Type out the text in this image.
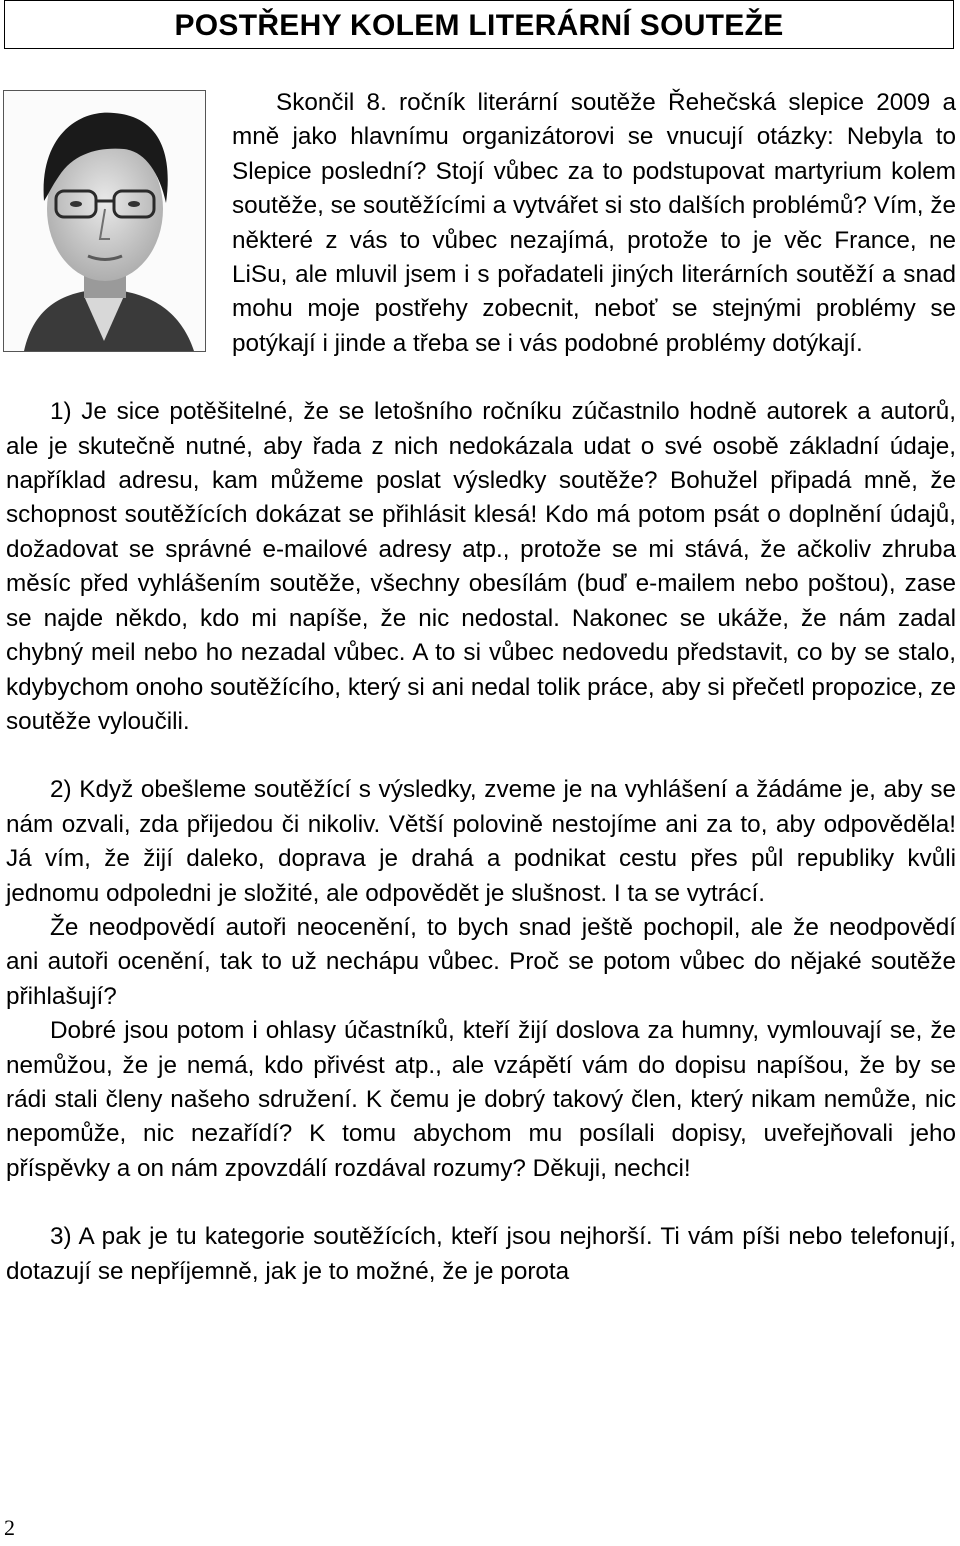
POSTŘEHY KOLEM LITERÁRNÍ SOUTEŽE

Skončil 8. ročník literární soutěže Řehečská slepice 2009 a mně jako hlavnímu organizátorovi se vnucují otázky: Nebyla to Slepice poslední? Stojí vůbec za to podstupovat martyrium kolem soutěže, se soutěžícími a vytvářet si sto dalších problémů? Vím, že některé z vás to vůbec nezajímá, protože to je věc France, ne LiSu, ale mluvil jsem i s pořadateli jiných literárních soutěží a snad mohu moje postřehy zobecnit, neboť se stejnými problémy se potýkají i jinde a třeba se i vás podobné problémy dotýkají.

1) Je sice potěšitelné, že se letošního ročníku zúčastnilo hodně autorek a autorů, ale je skutečně nutné, aby řada z nich nedokázala udat o své osobě základní údaje, například adresu, kam můžeme poslat výsledky soutěže? Bohužel připadá mně, že schopnost soutěžících dokázat se přihlásit klesá! Kdo má potom psát o doplnění údajů, dožadovat se správné e-mailové adresy atp., protože se mi stává, že ačkoliv zhruba měsíc před vyhlášením soutěže, všechny obesílám (buď e-mailem nebo poštou), zase se najde někdo, kdo mi napíše, že nic nedostal. Nakonec se ukáže, že nám zadal chybný meil nebo ho nezadal vůbec. A to si vůbec nedovedu představit, co by se stalo, kdybychom onoho soutěžícího, který si ani nedal tolik práce, aby si přečetl propozice, ze soutěže vyloučili.

2) Když obešleme soutěžící s výsledky, zveme je na vyhlášení a žádáme je, aby se nám ozvali, zda přijedou či nikoliv. Větší polovině nestojíme ani za to, aby odpověděla! Já vím, že žijí daleko, doprava je drahá a podnikat cestu přes půl republiky kvůli jednomu odpoledni je složité, ale odpovědět je slušnost. I ta se vytrácí.

Že neodpovědí autoři neocenění, to bych snad ještě pochopil, ale že neodpovědí ani autoři ocenění, tak to už nechápu vůbec. Proč se potom vůbec do nějaké soutěže přihlašují?

Dobré jsou potom i ohlasy účastníků, kteří žijí doslova za humny, vymlouvají se, že nemůžou, že je nemá, kdo přivést atp., ale vzápětí vám do dopisu napíšou, že by se rádi stali členy našeho sdružení. K čemu je dobrý takový člen, který nikam nemůže, nic nepomůže, nic nezařídí? K tomu abychom mu posílali dopisy, uveřejňovali jeho příspěvky a on nám zpovzdálí rozdával rozumy? Děkuji, nechci!

3) A pak je tu kategorie soutěžících, kteří jsou nejhorší. Ti vám píši nebo telefonují, dotazují se nepříjemně, jak je to možné, že je porota

2
